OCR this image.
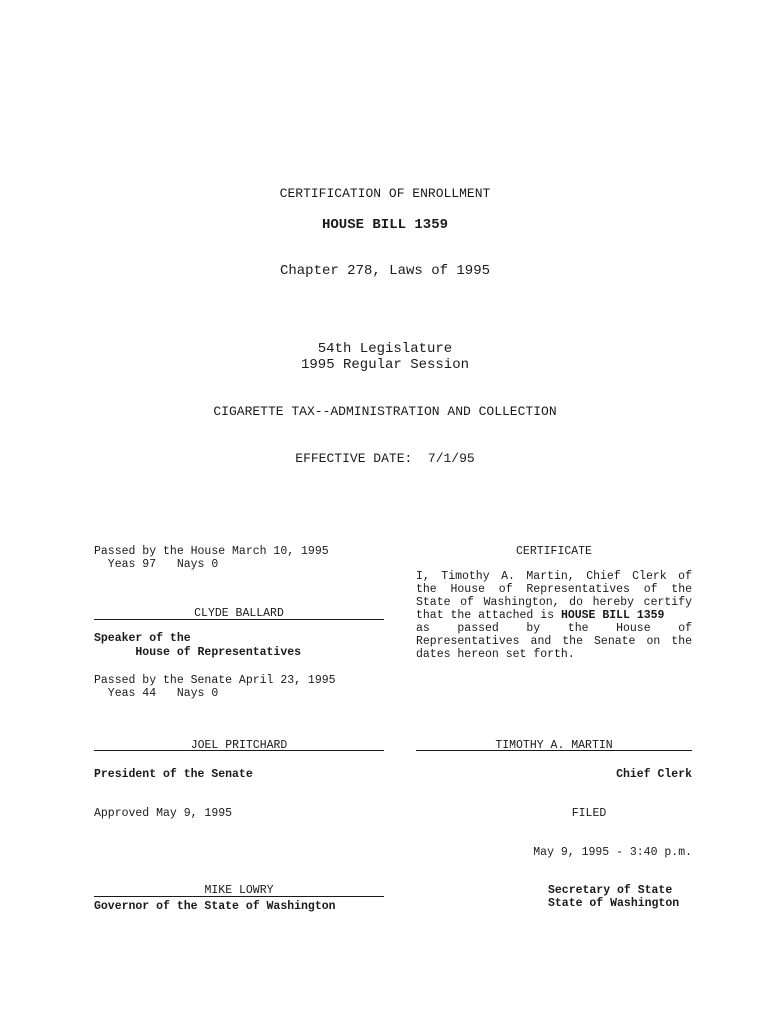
CERTIFICATION OF ENROLLMENT
HOUSE BILL 1359
Chapter 278, Laws of 1995
54th Legislature
1995 Regular Session
CIGARETTE TAX--ADMINISTRATION AND COLLECTION
EFFECTIVE DATE:  7/1/95
Passed by the House March 10, 1995
Yeas 97   Nays 0
CLYDE BALLARD
Speaker of the
House of Representatives
Passed by the Senate April 23, 1995
Yeas 44   Nays 0
JOEL PRITCHARD
President of the Senate
Approved May 9, 1995
MIKE LOWRY
Governor of the State of Washington
CERTIFICATE
I, Timothy A. Martin, Chief Clerk of
the House of Representatives of the
State of Washington, do hereby certify
that the attached is HOUSE BILL 1359
as passed by the House of
Representatives and the Senate on the
dates hereon set forth.
TIMOTHY A. MARTIN
Chief Clerk
FILED
May 9, 1995 - 3:40 p.m.
Secretary of State
State of Washington
